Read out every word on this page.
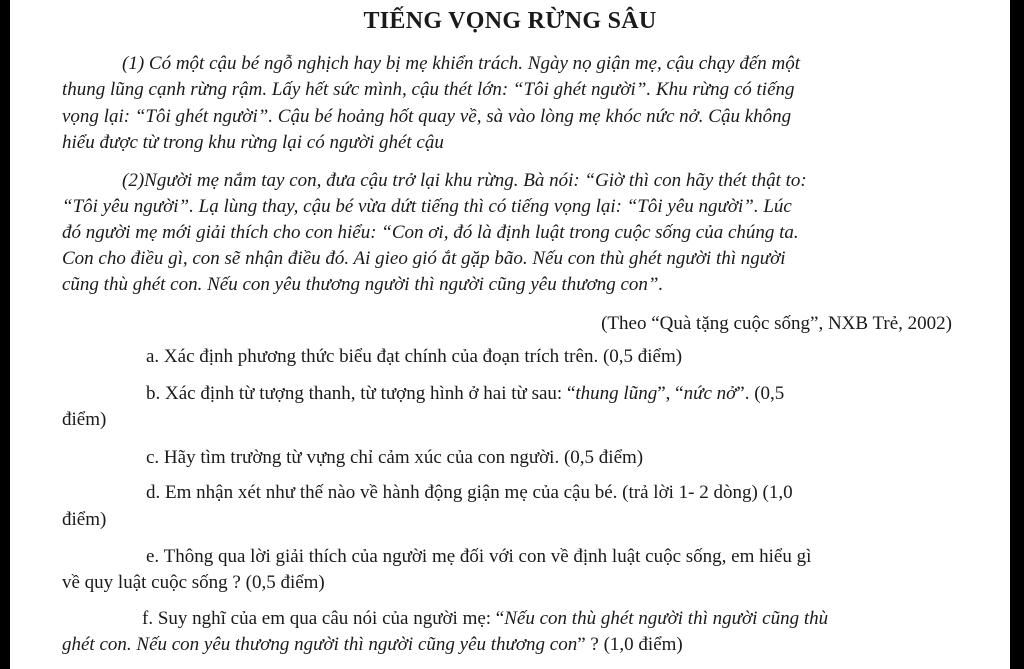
TIẾNG VỌNG RỪNG SÂU
(1) Có một cậu bé ngỗ nghịch hay bị mẹ khiển trách. Ngày nọ giận mẹ, cậu chạy đến một
thung lũng cạnh rừng rậm. Lấy hết sức mình, cậu thét lớn: “Tôi ghét người”. Khu rừng có tiếng
vọng lại: “Tôi ghét người”. Cậu bé hoảng hốt quay về, sà vào lòng mẹ khóc nức nở. Cậu không
hiểu được từ trong khu rừng lại có người ghét cậu
(2)Người mẹ nắm tay con, đưa cậu trở lại khu rừng. Bà nói: “Giờ thì con hãy thét thật to:
“Tôi yêu người”. Lạ lùng thay, cậu bé vừa dứt tiếng thì có tiếng vọng lại: “Tôi yêu người”. Lúc
đó người mẹ mới giải thích cho con hiểu: “Con ơi, đó là định luật trong cuộc sống của chúng ta.
Con cho điều gì, con sẽ nhận điều đó. Ai gieo gió ắt gặp bão. Nếu con thù ghét người thì người
cũng thù ghét con. Nếu con yêu thương người thì người cũng yêu thương con”.
(Theo “Quà tặng cuộc sống”, NXB Trẻ, 2002)
a. Xác định phương thức biểu đạt chính của đoạn trích trên. (0,5 điểm)
b. Xác định từ tượng thanh, từ tượng hình ở hai từ sau: “thung lũng”, “nức nở”. (0,5
điểm)
c. Hãy tìm trường từ vựng chỉ cảm xúc của con người. (0,5 điểm)
d. Em nhận xét như thế nào về hành động giận mẹ của cậu bé. (trả lời 1- 2 dòng) (1,0
điểm)
e. Thông qua lời giải thích của người mẹ đối với con về định luật cuộc sống, em hiểu gì
về quy luật cuộc sống ? (0,5 điểm)
f. Suy nghĩ của em qua câu nói của người mẹ: “Nếu con thù ghét người thì người cũng thù
ghét con. Nếu con yêu thương người thì người cũng yêu thương con” ? (1,0 điểm)
